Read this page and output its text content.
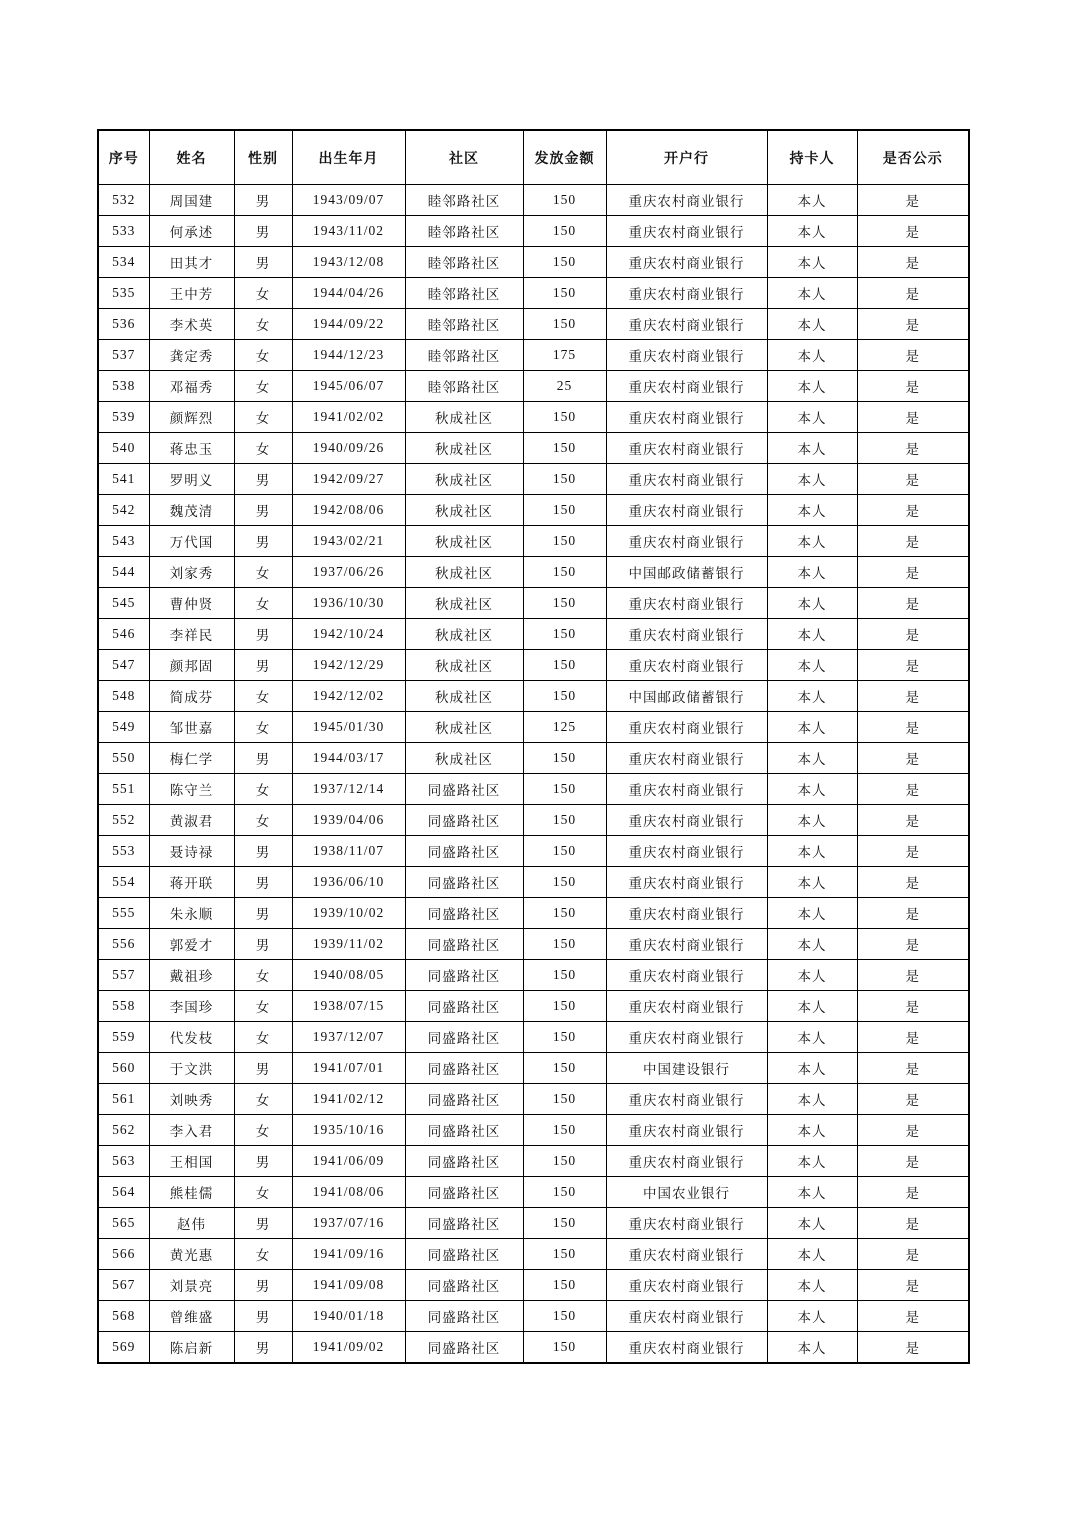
序号	姓名	性别	出生年月	社区	发放金额	开户行	持卡人	是否公示
532	周国建	男	1943/09/07	睦邻路社区	150	重庆农村商业银行	本人	是
533	何承述	男	1943/11/02	睦邻路社区	150	重庆农村商业银行	本人	是
534	田其才	男	1943/12/08	睦邻路社区	150	重庆农村商业银行	本人	是
535	王中芳	女	1944/04/26	睦邻路社区	150	重庆农村商业银行	本人	是
536	李术英	女	1944/09/22	睦邻路社区	150	重庆农村商业银行	本人	是
537	龚定秀	女	1944/12/23	睦邻路社区	175	重庆农村商业银行	本人	是
538	邓福秀	女	1945/06/07	睦邻路社区	25	重庆农村商业银行	本人	是
539	颜辉烈	女	1941/02/02	秋成社区	150	重庆农村商业银行	本人	是
540	蒋忠玉	女	1940/09/26	秋成社区	150	重庆农村商业银行	本人	是
541	罗明义	男	1942/09/27	秋成社区	150	重庆农村商业银行	本人	是
542	魏茂清	男	1942/08/06	秋成社区	150	重庆农村商业银行	本人	是
543	万代国	男	1943/02/21	秋成社区	150	重庆农村商业银行	本人	是
544	刘家秀	女	1937/06/26	秋成社区	150	中国邮政储蓄银行	本人	是
545	曹仲贤	女	1936/10/30	秋成社区	150	重庆农村商业银行	本人	是
546	李祥民	男	1942/10/24	秋成社区	150	重庆农村商业银行	本人	是
547	颜邦固	男	1942/12/29	秋成社区	150	重庆农村商业银行	本人	是
548	简成芬	女	1942/12/02	秋成社区	150	中国邮政储蓄银行	本人	是
549	邹世嘉	女	1945/01/30	秋成社区	125	重庆农村商业银行	本人	是
550	梅仁学	男	1944/03/17	秋成社区	150	重庆农村商业银行	本人	是
551	陈守兰	女	1937/12/14	同盛路社区	150	重庆农村商业银行	本人	是
552	黄淑君	女	1939/04/06	同盛路社区	150	重庆农村商业银行	本人	是
553	聂诗禄	男	1938/11/07	同盛路社区	150	重庆农村商业银行	本人	是
554	蒋开联	男	1936/06/10	同盛路社区	150	重庆农村商业银行	本人	是
555	朱永顺	男	1939/10/02	同盛路社区	150	重庆农村商业银行	本人	是
556	郭爱才	男	1939/11/02	同盛路社区	150	重庆农村商业银行	本人	是
557	戴祖珍	女	1940/08/05	同盛路社区	150	重庆农村商业银行	本人	是
558	李国珍	女	1938/07/15	同盛路社区	150	重庆农村商业银行	本人	是
559	代发枝	女	1937/12/07	同盛路社区	150	重庆农村商业银行	本人	是
560	于文洪	男	1941/07/01	同盛路社区	150	中国建设银行	本人	是
561	刘映秀	女	1941/02/12	同盛路社区	150	重庆农村商业银行	本人	是
562	李入君	女	1935/10/16	同盛路社区	150	重庆农村商业银行	本人	是
563	王相国	男	1941/06/09	同盛路社区	150	重庆农村商业银行	本人	是
564	熊桂儒	女	1941/08/06	同盛路社区	150	中国农业银行	本人	是
565	赵伟	男	1937/07/16	同盛路社区	150	重庆农村商业银行	本人	是
566	黄光惠	女	1941/09/16	同盛路社区	150	重庆农村商业银行	本人	是
567	刘景亮	男	1941/09/08	同盛路社区	150	重庆农村商业银行	本人	是
568	曾维盛	男	1940/01/18	同盛路社区	150	重庆农村商业银行	本人	是
569	陈启新	男	1941/09/02	同盛路社区	150	重庆农村商业银行	本人	是
